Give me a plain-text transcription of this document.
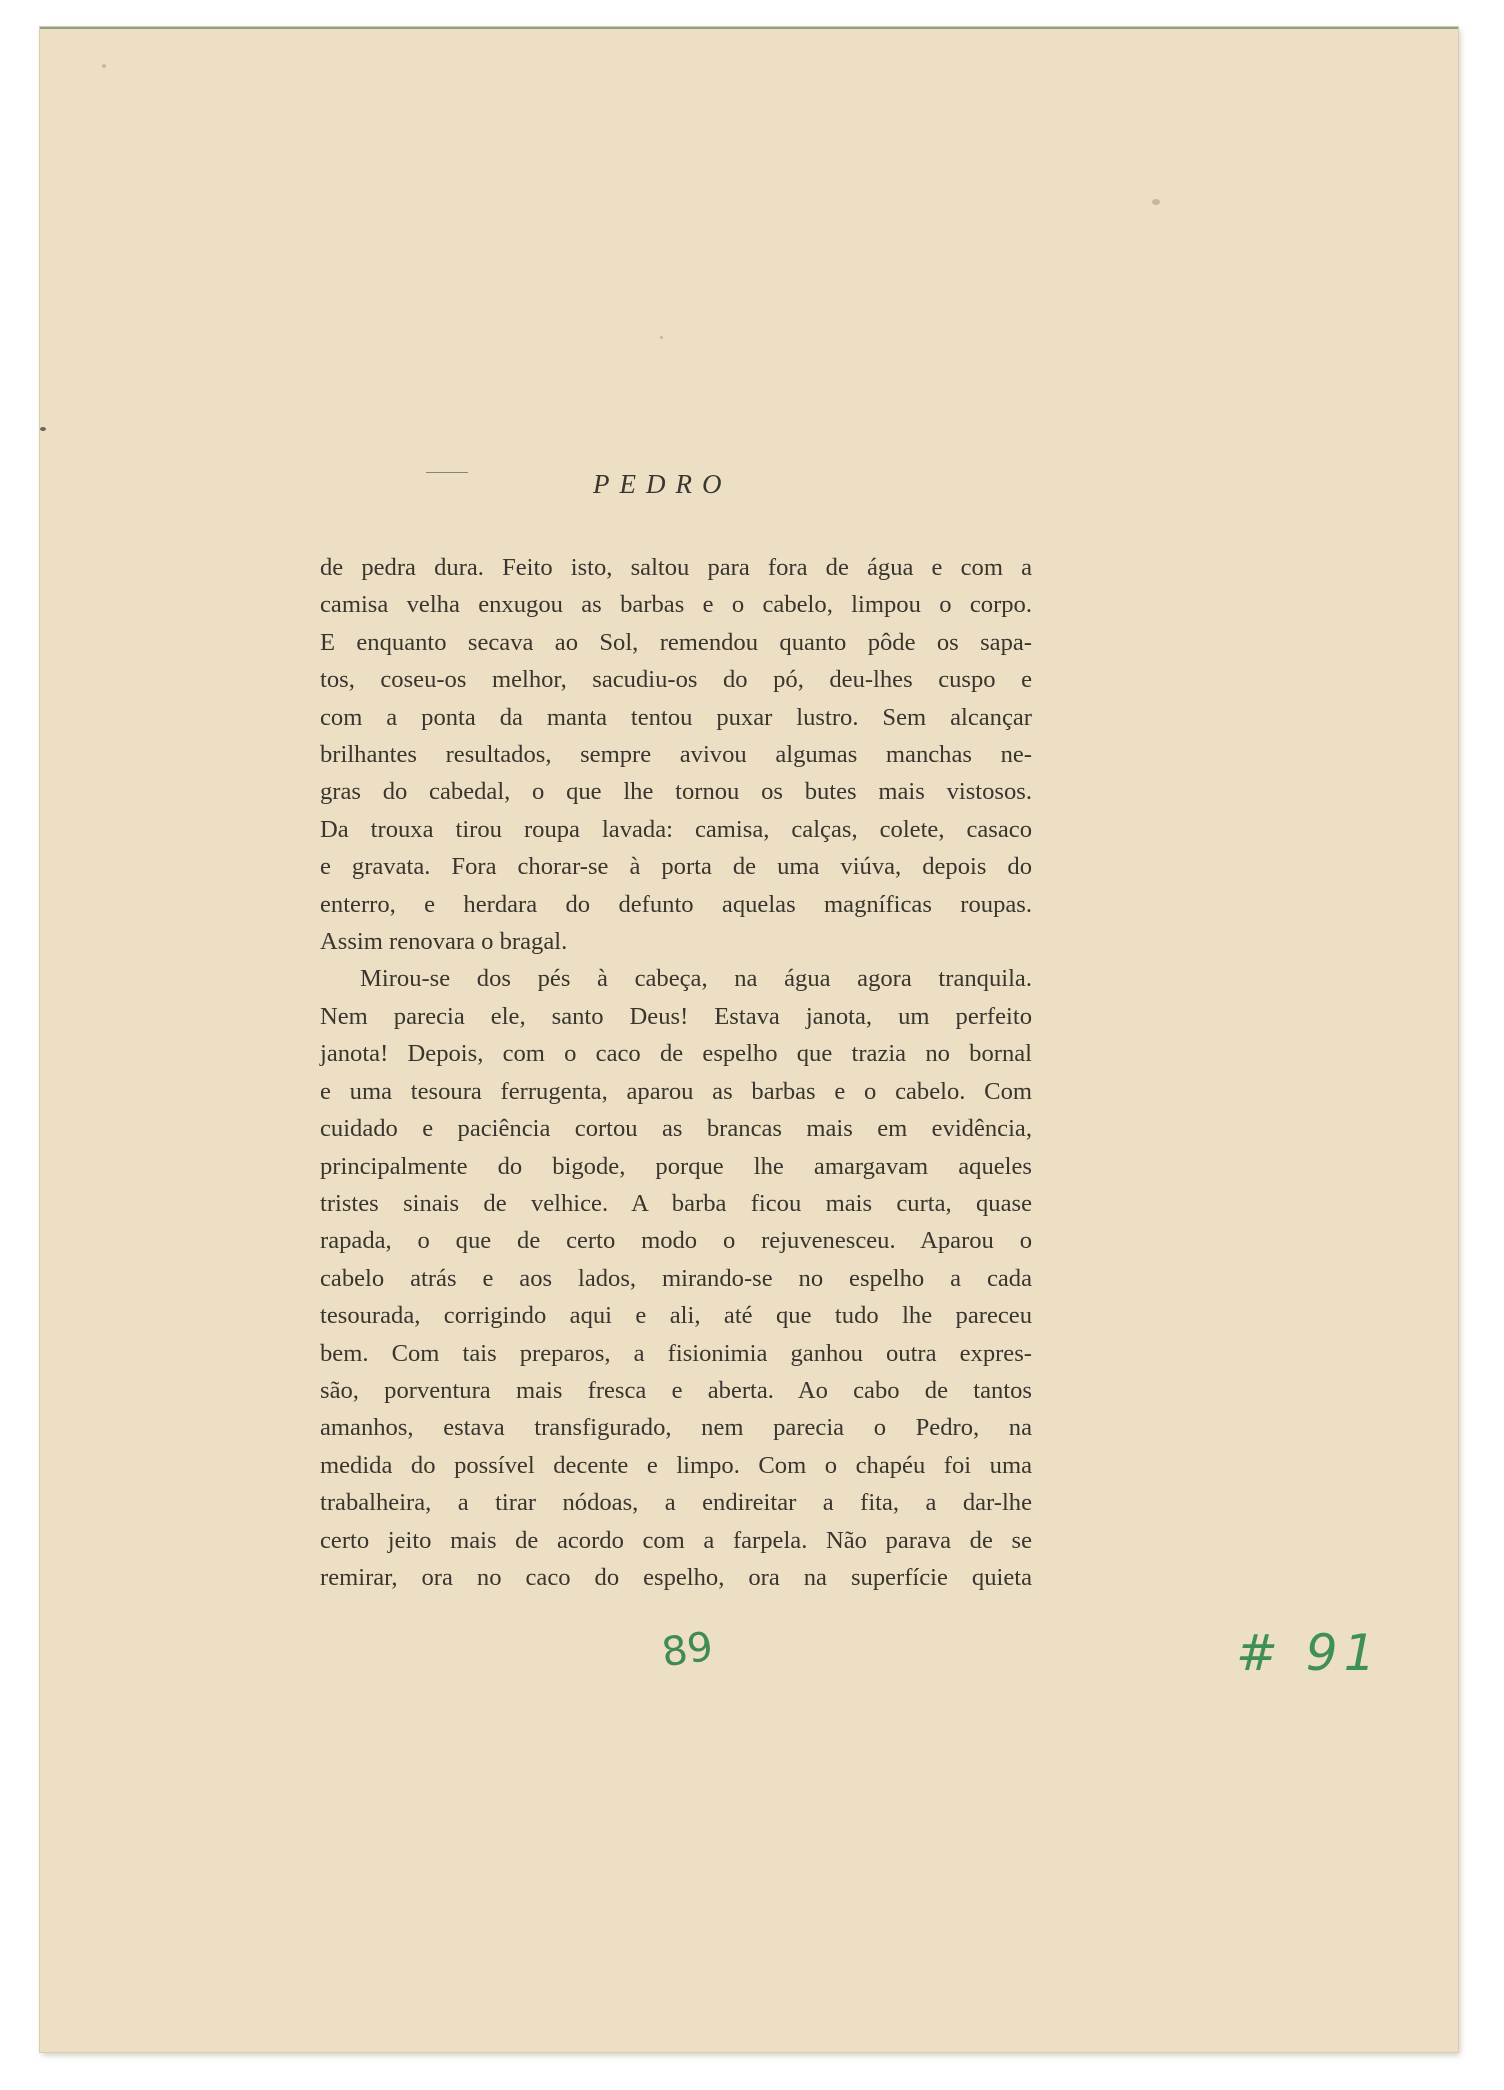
PEDRO

de pedra dura. Feito isto, saltou para fora de água e com a

camisa velha enxugou as barbas e o cabelo, limpou o corpo.

E enquanto secava ao Sol, remendou quanto pôde os sapa-

tos, coseu-os melhor, sacudiu-os do pó, deu-lhes cuspo e

com a ponta da manta tentou puxar lustro. Sem alcançar

brilhantes resultados, sempre avivou algumas manchas ne-

gras do cabedal, o que lhe tornou os butes mais vistosos.

Da trouxa tirou roupa lavada: camisa, calças, colete, casaco

e gravata. Fora chorar-se à porta de uma viúva, depois do

enterro, e herdara do defunto aquelas magníficas roupas.

Assim renovara o bragal.

Mirou-se dos pés à cabeça, na água agora tranquila.

Nem parecia ele, santo Deus! Estava janota, um perfeito

janota! Depois, com o caco de espelho que trazia no bornal

e uma tesoura ferrugenta, aparou as barbas e o cabelo. Com

cuidado e paciência cortou as brancas mais em evidência,

principalmente do bigode, porque lhe amargavam aqueles

tristes sinais de velhice. A barba ficou mais curta, quase

rapada, o que de certo modo o rejuvenesceu. Aparou o

cabelo atrás e aos lados, mirando-se no espelho a cada

tesourada, corrigindo aqui e ali, até que tudo lhe pareceu

bem. Com tais preparos, a fisionimia ganhou outra expres-

são, porventura mais fresca e aberta. Ao cabo de tantos

amanhos, estava transfigurado, nem parecia o Pedro, na

medida do possível decente e limpo. Com o chapéu foi uma

trabalheira, a tirar nódoas, a endireitar a fita, a dar-lhe

certo jeito mais de acordo com a farpela. Não parava de se

remirar, ora no caco do espelho, ora na superfície quieta

89	# 91
